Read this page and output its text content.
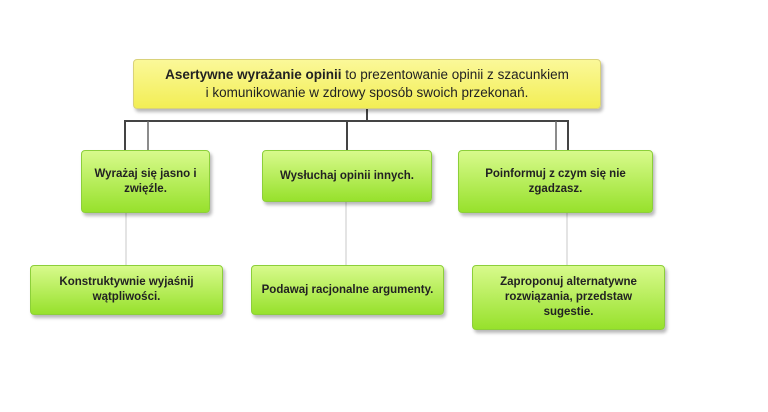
Asertywne wyrażanie opinii to prezentowanie opinii z szacunkiem
i komunikowanie w zdrowy sposób swoich przekonań.
Wyrażaj się jasno i zwięźle.
Wysłuchaj opinii innych.	Poinformuj z czym się nie zgadzasz.
Konstruktywnie wyjaśnij wątpliwości.
Podawaj racjonalne argumenty.
Zaproponuj alternatywne rozwiązania, przedstaw sugestie.
